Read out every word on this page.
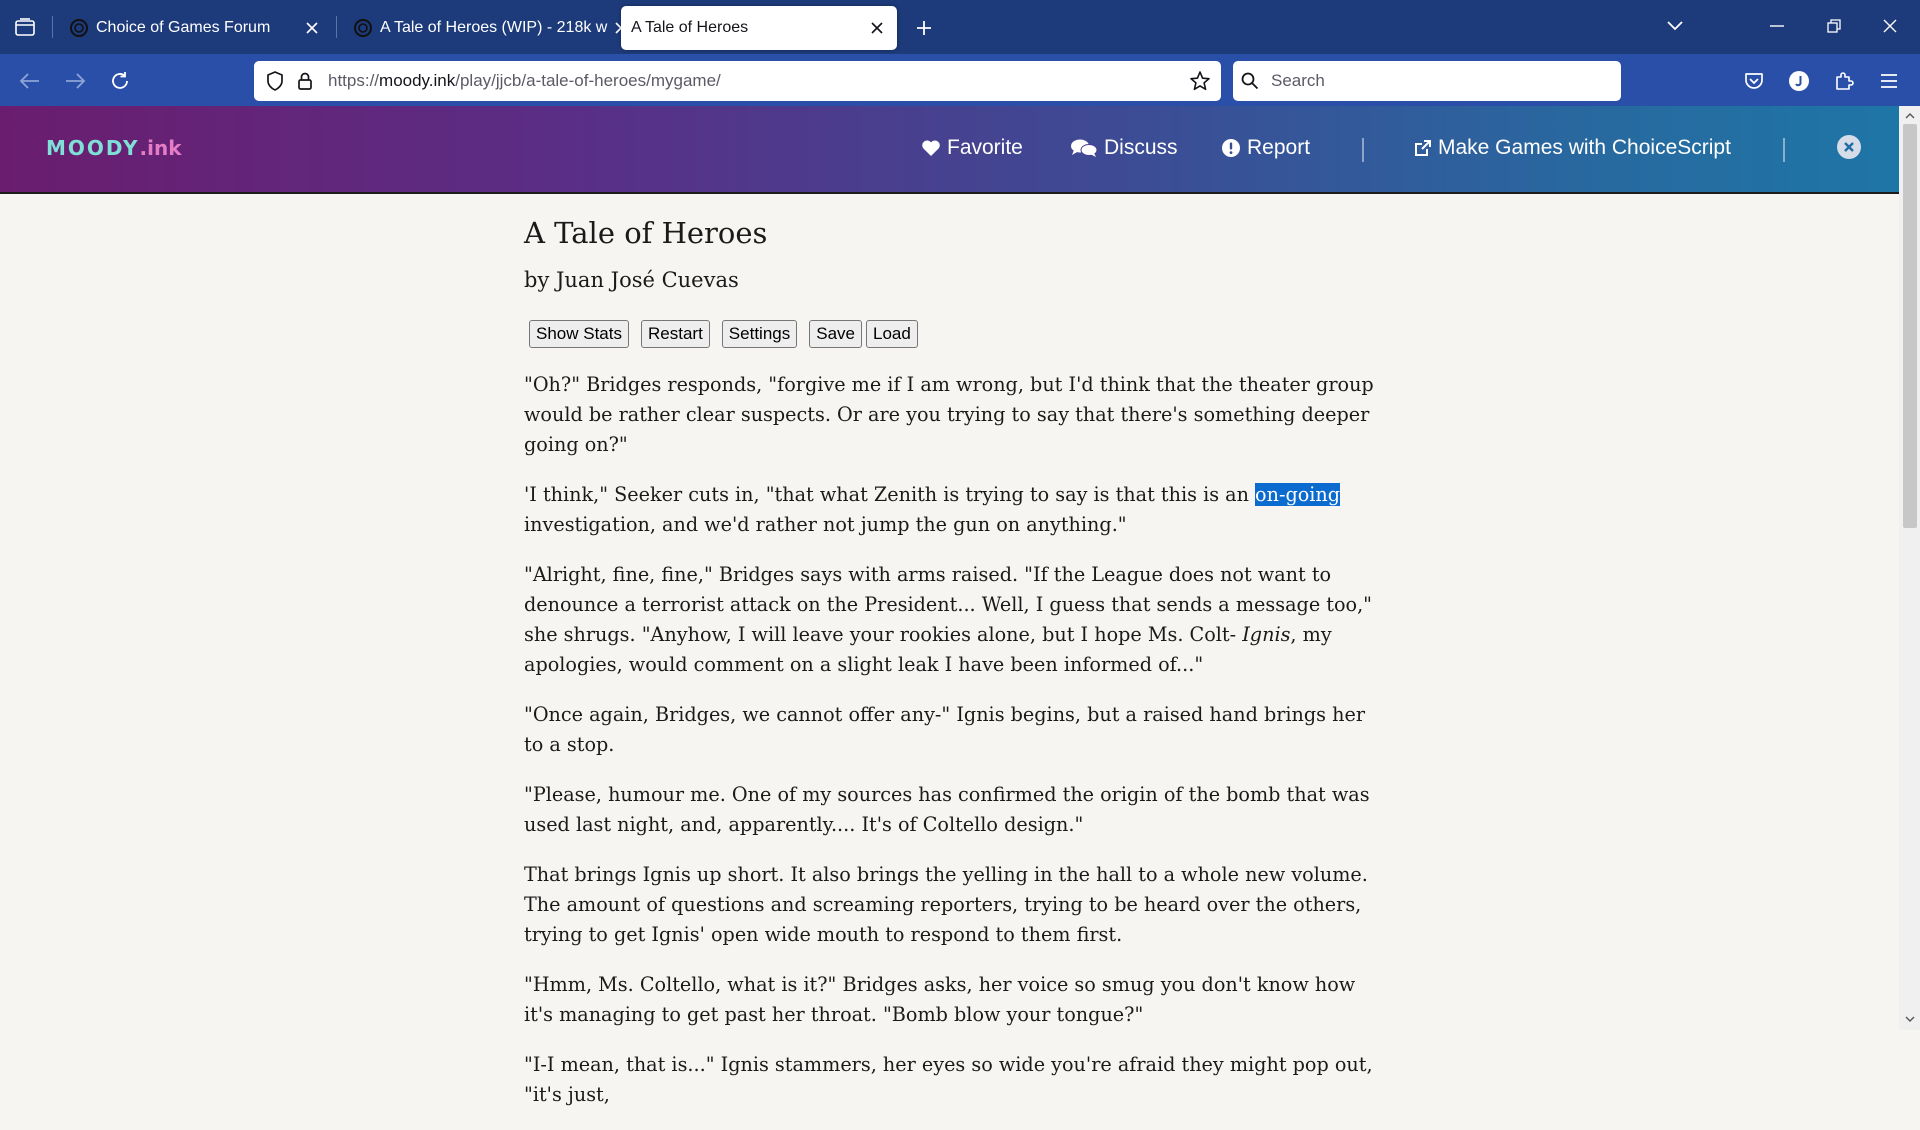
Choice of Games Forum	A Tale of Heroes (WIP) - 218k w A Tale of Heroes
https://moody.ink/play/jjcb/a-tale-of-heroes/mygame/	Search
MOODY.ink	Favorite	Discuss	Report	Make Games with ChoiceScript
A Tale of Heroes
by Juan José Cuevas
Show Stats	Restart	Settings	Save	Load

"Oh?" Bridges responds, "forgive me if I am wrong, but I'd think that the theater group would be rather clear suspects. Or are you trying to say that there's something deeper going on?"

'I think," Seeker cuts in, "that what Zenith is trying to say is that this is an on-going investigation, and we'd rather not jump the gun on anything."

"Alright, fine, fine," Bridges says with arms raised. "If the League does not want to denounce a terrorist attack on the President... Well, I guess that sends a message too," she shrugs. "Anyhow, I will leave your rookies alone, but I hope Ms. Colt- Ignis, my apologies, would comment on a slight leak I have been informed of..."

"Once again, Bridges, we cannot offer any-" Ignis begins, but a raised hand brings her to a stop.

"Please, humour me. One of my sources has confirmed the origin of the bomb that was used last night, and, apparently.... It's of Coltello design."

That brings Ignis up short. It also brings the yelling in the hall to a whole new volume. The amount of questions and screaming reporters, trying to be heard over the others, trying to get Ignis' open wide mouth to respond to them first.

"Hmm, Ms. Coltello, what is it?" Bridges asks, her voice so smug you don't know how it's managing to get past her throat. "Bomb blow your tongue?"

"I-I mean, that is..." Ignis stammers, her eyes so wide you're afraid they might pop out, "it's just,
